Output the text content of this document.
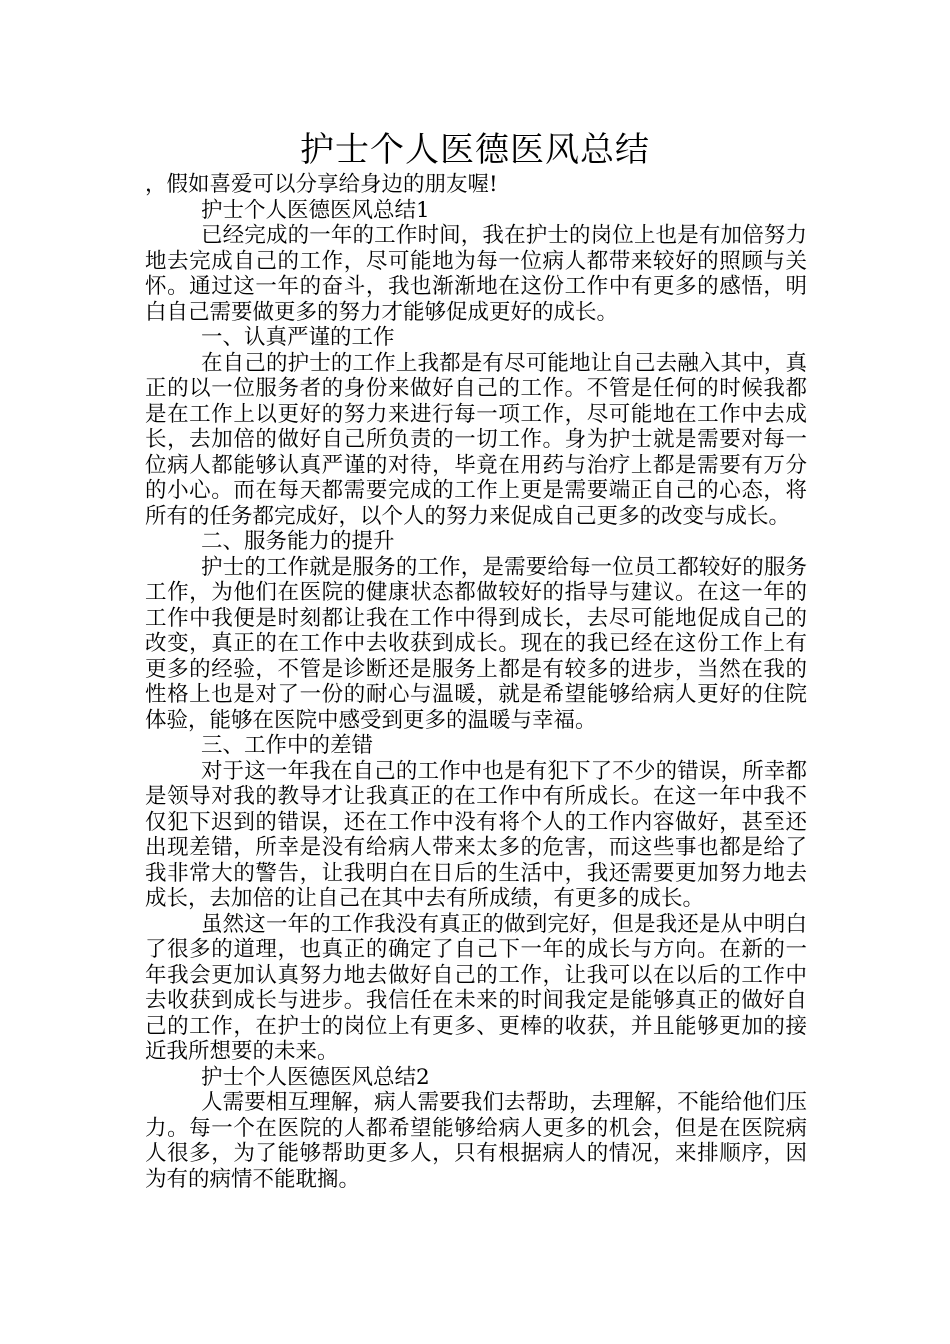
护士个人医德医风总结

，假如喜爱可以分享给身边的朋友喔!

护士个人医德医风总结1

已经完成的一年的工作时间，我在护士的岗位上也是有加倍努力地去完成自己的工作，尽可能地为每一位病人都带来较好的照顾与关怀。通过这一年的奋斗，我也渐渐地在这份工作中有更多的感悟，明白自己需要做更多的努力才能够促成更好的成长。

一、认真严谨的工作

在自己的护士的工作上我都是有尽可能地让自己去融入其中，真正的以一位服务者的身份来做好自己的工作。不管是任何的时候我都是在工作上以更好的努力来进行每一项工作，尽可能地在工作中去成长，去加倍的做好自己所负责的一切工作。身为护士就是需要对每一位病人都能够认真严谨的对待，毕竟在用药与治疗上都是需要有万分的小心。而在每天都需要完成的工作上更是需要端正自己的心态，将所有的任务都完成好，以个人的努力来促成自己更多的改变与成长。

二、服务能力的提升

护士的工作就是服务的工作，是需要给每一位员工都较好的服务工作，为他们在医院的健康状态都做较好的指导与建议。在这一年的工作中我便是时刻都让我在工作中得到成长，去尽可能地促成自己的改变，真正的在工作中去收获到成长。现在的我已经在这份工作上有更多的经验，不管是诊断还是服务上都是有较多的进步，当然在我的性格上也是对了一份的耐心与温暖，就是希望能够给病人更好的住院体验，能够在医院中感受到更多的温暖与幸福。

三、工作中的差错

对于这一年我在自己的工作中也是有犯下了不少的错误，所幸都是领导对我的教导才让我真正的在工作中有所成长。在这一年中我不仅犯下迟到的错误，还在工作中没有将个人的工作内容做好，甚至还出现差错，所幸是没有给病人带来太多的危害，而这些事也都是给了我非常大的警告，让我明白在日后的生活中，我还需要更加努力地去成长，去加倍的让自己在其中去有所成绩，有更多的成长。

虽然这一年的工作我没有真正的做到完好，但是我还是从中明白了很多的道理，也真正的确定了自己下一年的成长与方向。在新的一年我会更加认真努力地去做好自己的工作，让我可以在以后的工作中去收获到成长与进步。我信任在未来的时间我定是能够真正的做好自己的工作，在护士的岗位上有更多、更棒的收获，并且能够更加的接近我所想要的未来。

护士个人医德医风总结2

人需要相互理解，病人需要我们去帮助，去理解，不能给他们压力。每一个在医院的人都希望能够给病人更多的机会，但是在医院病人很多，为了能够帮助更多人，只有根据病人的情况，来排顺序，因为有的病情不能耽搁。
